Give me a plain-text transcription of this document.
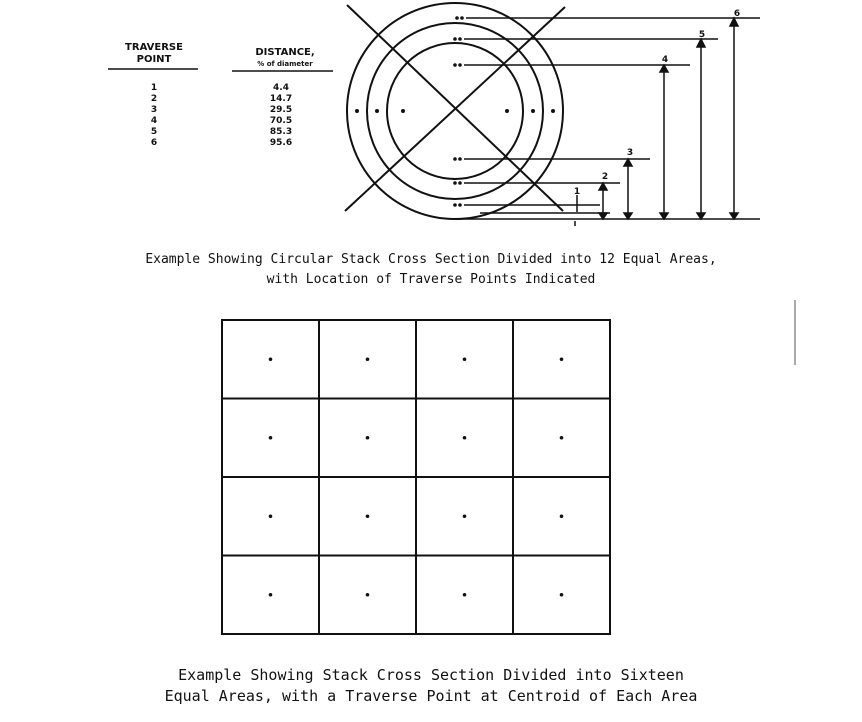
TRAVERSE
POINT
DISTANCE,
% of diameter
1	4.4
2	14.7
3	29.5
4	70.5
5	85.3
6	95.6
6
5
4
3
2
1
Example Showing Circular Stack Cross Section Divided into 12 Equal Areas,
with Location of Traverse Points Indicated
Example Showing Stack Cross Section Divided into Sixteen
Equal Areas, with a Traverse Point at Centroid of Each Area
